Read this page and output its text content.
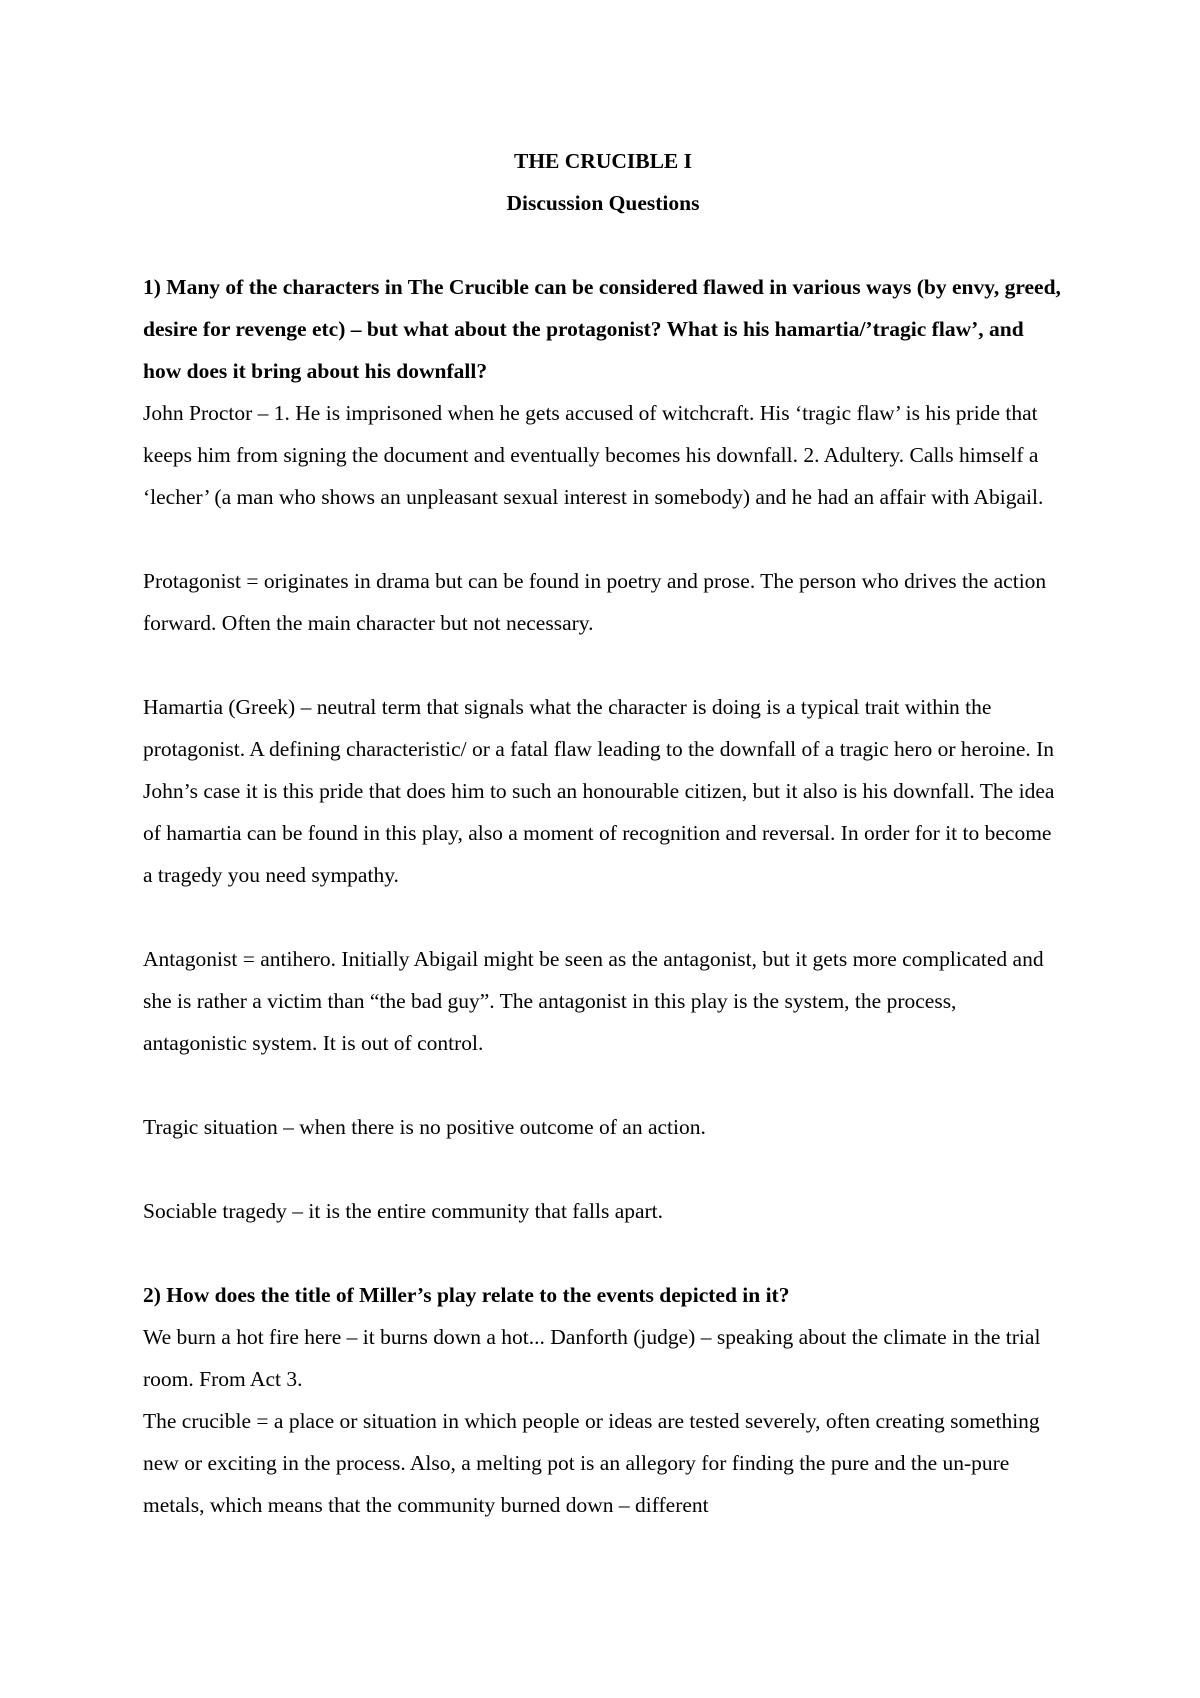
THE CRUCIBLE I
Discussion Questions

1) Many of the characters in The Crucible can be considered flawed in various ways (by envy, greed, desire for revenge etc) – but what about the protagonist? What is his hamartia/’tragic flaw’, and how does it bring about his downfall?

John Proctor – 1. He is imprisoned when he gets accused of witchcraft. His ‘tragic flaw’ is his pride that keeps him from signing the document and eventually becomes his downfall. 2. Adultery. Calls himself a ‘lecher’ (a man who shows an unpleasant sexual interest in somebody) and he had an affair with Abigail.

Protagonist = originates in drama but can be found in poetry and prose. The person who drives the action forward. Often the main character but not necessary.

Hamartia (Greek) – neutral term that signals what the character is doing is a typical trait within the protagonist. A defining characteristic/ or a fatal flaw leading to the downfall of a tragic hero or heroine. In John’s case it is this pride that does him to such an honourable citizen, but it also is his downfall. The idea of hamartia can be found in this play, also a moment of recognition and reversal. In order for it to become a tragedy you need sympathy.

Antagonist = antihero. Initially Abigail might be seen as the antagonist, but it gets more complicated and she is rather a victim than “the bad guy”. The antagonist in this play is the system, the process, antagonistic system. It is out of control.

Tragic situation – when there is no positive outcome of an action.

Sociable tragedy – it is the entire community that falls apart.

2) How does the title of Miller’s play relate to the events depicted in it?

We burn a hot fire here – it burns down a hot... Danforth (judge) – speaking about the climate in the trial room. From Act 3.

The crucible = a place or situation in which people or ideas are tested severely, often creating something new or exciting in the process. Also, a melting pot is an allegory for finding the pure and the un-pure metals, which means that the community burned down – different
